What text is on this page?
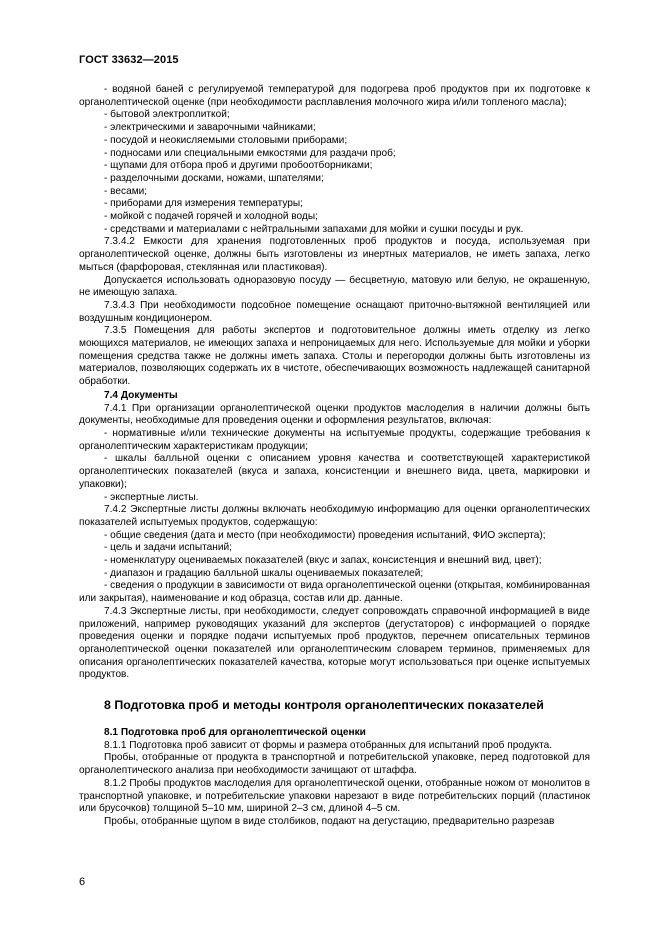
ГОСТ 33632—2015
- водяной баней с регулируемой температурой для подогрева проб продуктов при их подготовке к органолептической оценке (при необходимости расплавления молочного жира и/или топленого масла);
- бытовой электроплиткой;
- электрическими и заварочными чайниками;
- посудой и неокисляемыми столовыми приборами;
- подносами или специальными емкостями для раздачи проб;
- щупами для отбора проб и другими пробоотборниками;
- разделочными досками, ножами, шпателями;
- весами;
- приборами для измерения температуры;
- мойкой с подачей горячей и холодной воды;
- средствами и материалами с нейтральными запахами для мойки и сушки посуды и рук.
7.3.4.2 Емкости для хранения подготовленных проб продуктов и посуда, используемая при органолептической оценке, должны быть изготовлены из инертных материалов, не иметь запаха, легко мыться (фарфоровая, стеклянная или пластиковая).
Допускается использовать одноразовую посуду — бесцветную, матовую или белую, не окрашенную, не имеющую запаха.
7.3.4.3 При необходимости подсобное помещение оснащают приточно-вытяжной вентиляцией или воздушным кондиционером.
7.3.5 Помещения для работы экспертов и подготовительное должны иметь отделку из легко моющихся материалов, не имеющих запаха и непроницаемых для него. Используемые для мойки и уборки помещения средства также не должны иметь запаха. Столы и перегородки должны быть изготовлены из материалов, позволяющих содержать их в чистоте, обеспечивающих возможность надлежащей санитарной обработки.
7.4 Документы
7.4.1 При организации органолептической оценки продуктов маслоделия в наличии должны быть документы, необходимые для проведения оценки и оформления результатов, включая:
- нормативные и/или технические документы на испытуемые продукты, содержащие требования к органолептическим характеристикам продукции;
- шкалы балльной оценки с описанием уровня качества и соответствующей характеристикой органолептических показателей (вкуса и запаха, консистенции и внешнего вида, цвета, маркировки и упаковки);
- экспертные листы.
7.4.2 Экспертные листы должны включать необходимую информацию для оценки органолептических показателей испытуемых продуктов, содержащую:
- общие сведения (дата и место (при необходимости) проведения испытаний, ФИО эксперта);
- цель и задачи испытаний;
- номенклатуру оцениваемых показателей (вкус и запах, консистенция и внешний вид, цвет);
- диапазон и градацию балльной шкалы оцениваемых показателей;
- сведения о продукции в зависимости от вида органолептической оценки (открытая, комбинированная или закрытая), наименование и код образца, состав или др. данные.
7.4.3 Экспертные листы, при необходимости, следует сопровождать справочной информацией в виде приложений, например руководящих указаний для экспертов (дегустаторов) с информацией о порядке проведения оценки и порядке подачи испытуемых проб продуктов, перечнем описательных терминов органолептической оценки показателей или органолептическим словарем терминов, применяемых для описания органолептических показателей качества, которые могут использоваться при оценке испытуемых продуктов.
8 Подготовка проб и методы контроля органолептических показателей
8.1 Подготовка проб для органолептической оценки
8.1.1 Подготовка проб зависит от формы и размера отобранных для испытаний проб продукта.
Пробы, отобранные от продукта в транспортной и потребительской упаковке, перед подготовкой для органолептического анализа при необходимости зачищают от штаффа.
8.1.2 Пробы продуктов маслоделия для органолептической оценки, отобранные ножом от монолитов в транспортной упаковке, и потребительские упаковки нарезают в виде потребительских порций (пластинок или брусочков) толщиной 5–10 мм, шириной 2–3 см, длиной 4–5 см.
Пробы, отобранные щупом в виде столбиков, подают на дегустацию, предварительно разрезав
6
